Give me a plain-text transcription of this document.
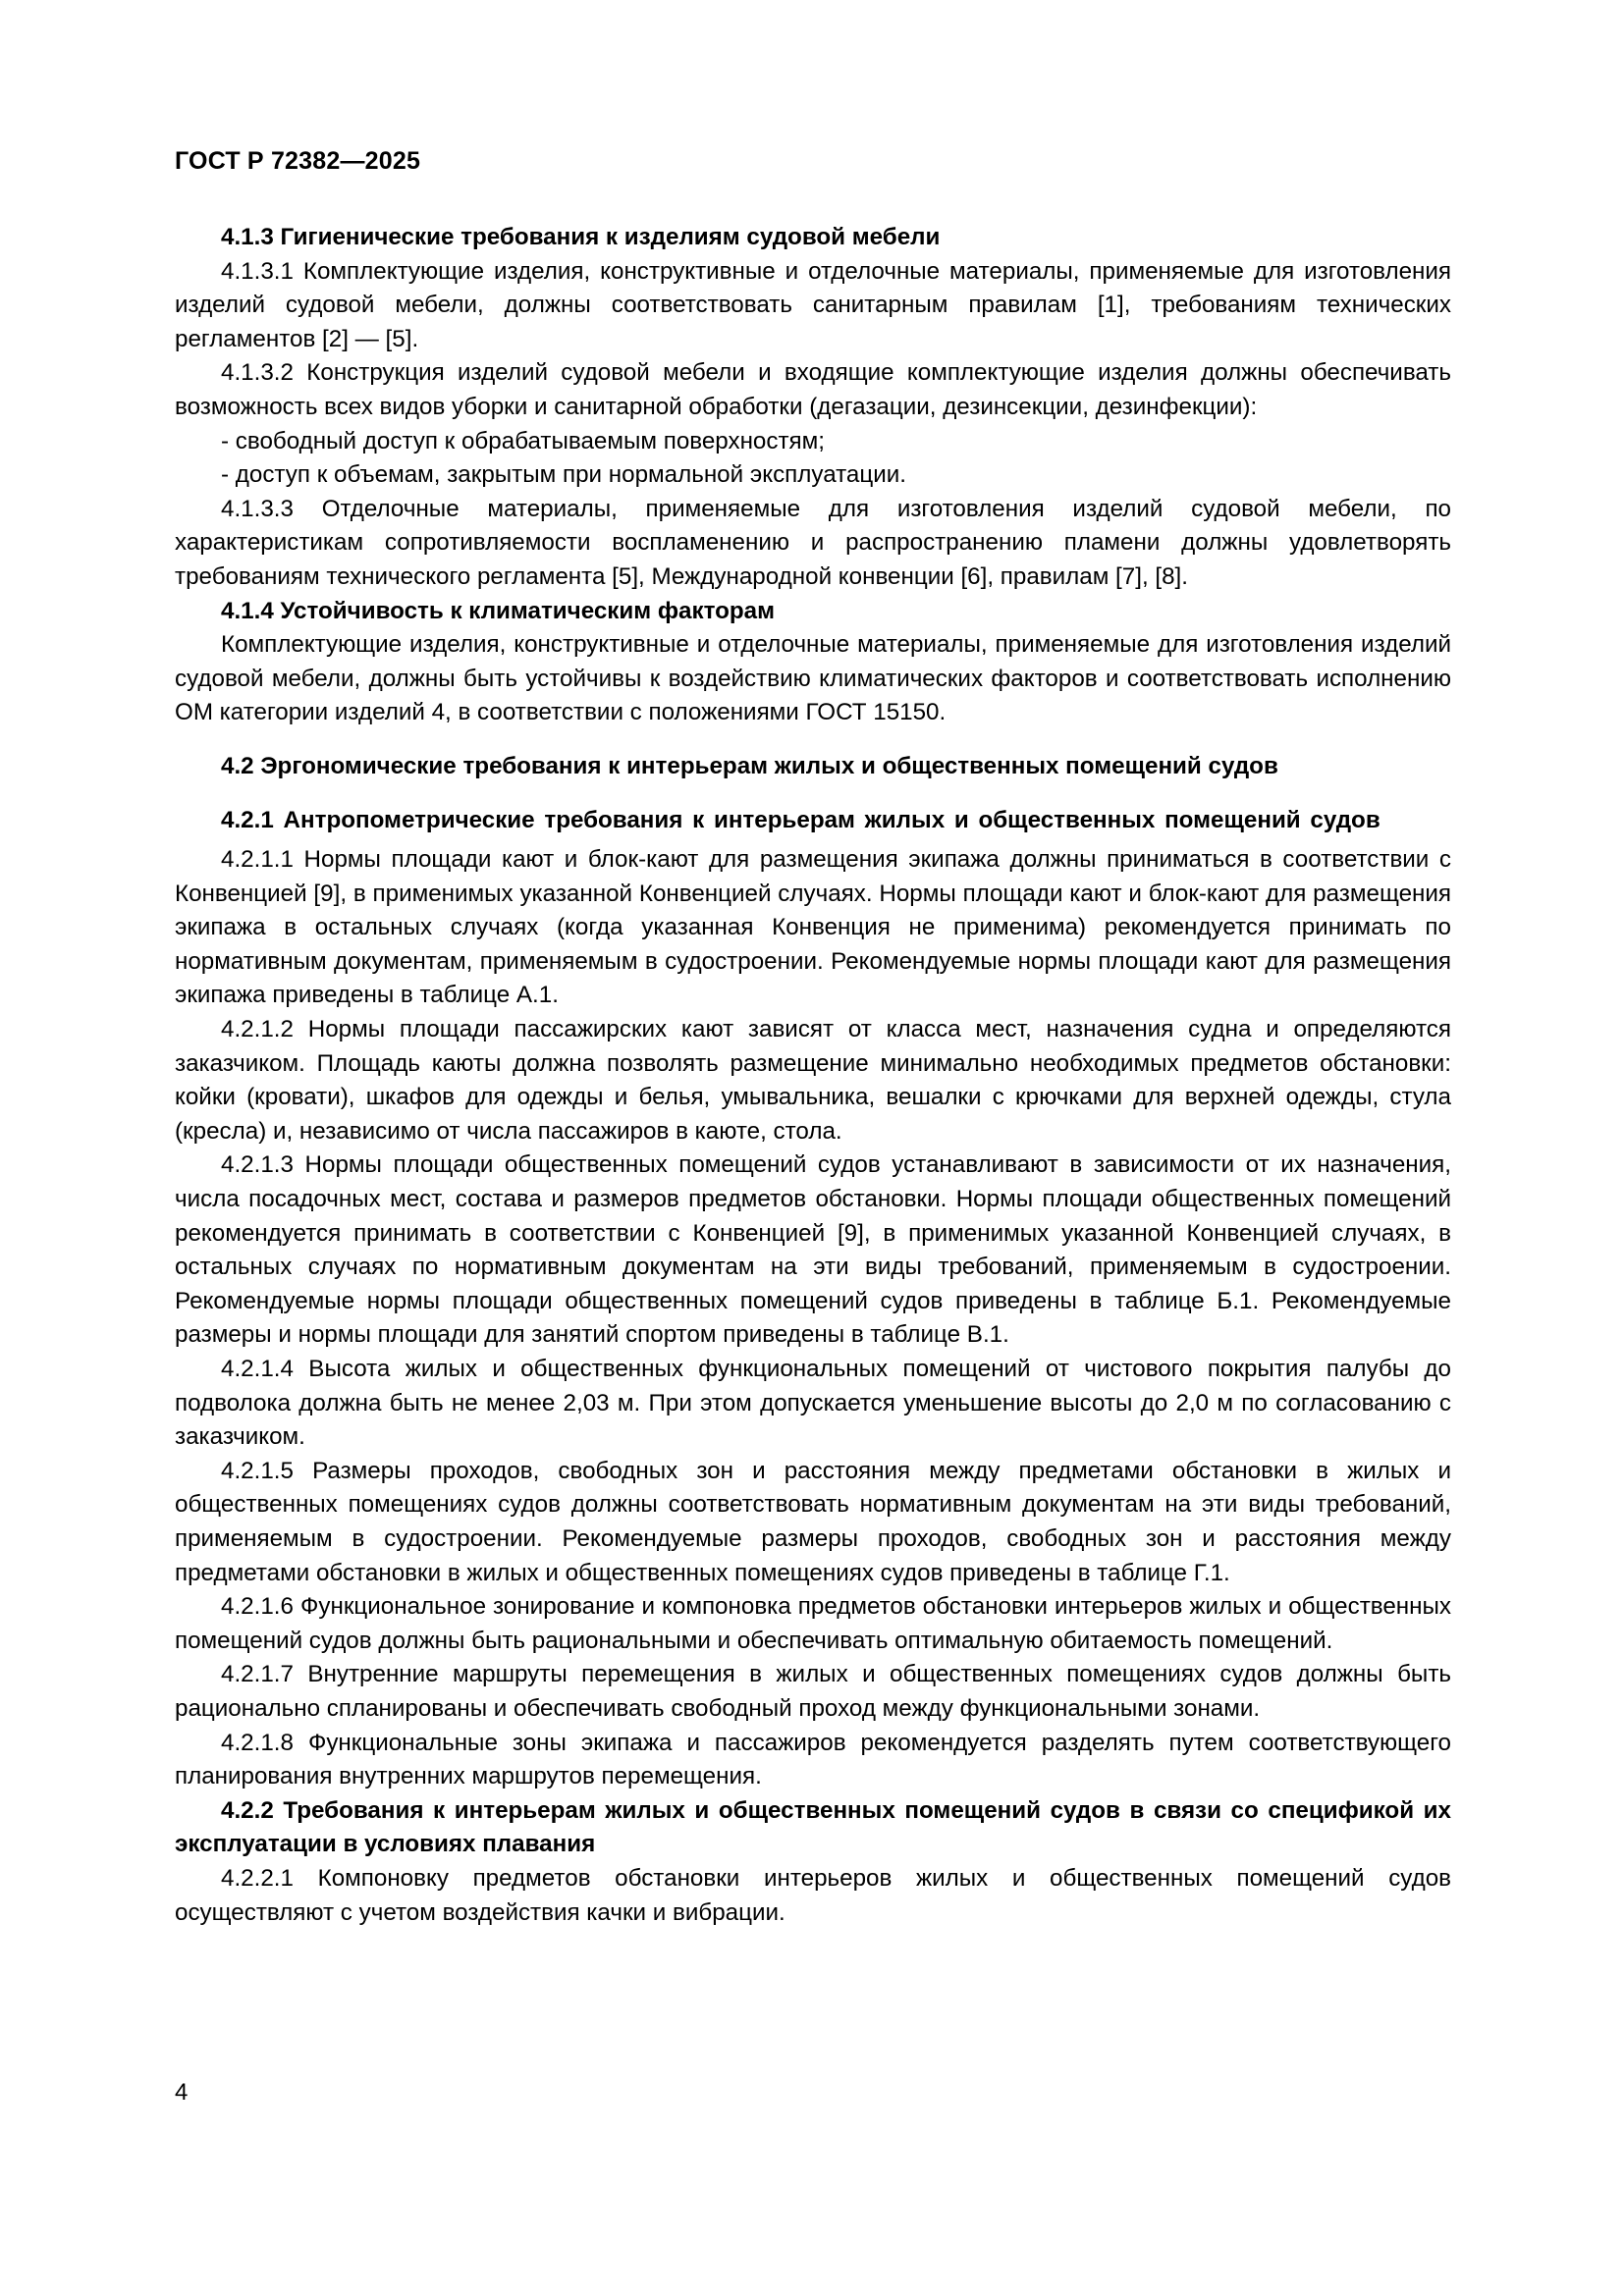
ГОСТ Р 72382—2025

4.1.3 Гигиенические требования к изделиям судовой мебели

4.1.3.1 Комплектующие изделия, конструктивные и отделочные материалы, применяемые для изготовления изделий судовой мебели, должны соответствовать санитарным правилам [1], требованиям технических регламентов [2] — [5].

4.1.3.2 Конструкция изделий судовой мебели и входящие комплектующие изделия должны обеспечивать возможность всех видов уборки и санитарной обработки (дегазации, дезинсекции, дезинфекции):

- свободный доступ к обрабатываемым поверхностям;

- доступ к объемам, закрытым при нормальной эксплуатации.

4.1.3.3 Отделочные материалы, применяемые для изготовления изделий судовой мебели, по характеристикам сопротивляемости воспламенению и распространению пламени должны удовлетворять требованиям технического регламента [5], Международной конвенции [6], правилам [7], [8].

4.1.4 Устойчивость к климатическим факторам

Комплектующие изделия, конструктивные и отделочные материалы, применяемые для изготовления изделий судовой мебели, должны быть устойчивы к воздействию климатических факторов и соответствовать исполнению ОМ категории изделий 4, в соответствии с положениями ГОСТ 15150.

4.2 Эргономические требования к интерьерам жилых и общественных помещений судов

4.2.1 Антропометрические требования к интерьерам жилых и общественных помещений судов

4.2.1.1 Нормы площади кают и блок-кают для размещения экипажа должны приниматься в соответствии с Конвенцией [9], в применимых указанной Конвенцией случаях. Нормы площади кают и блок-кают для размещения экипажа в остальных случаях (когда указанная Конвенция не применима) рекомендуется принимать по нормативным документам, применяемым в судостроении. Рекомендуемые нормы площади кают для размещения экипажа приведены в таблице А.1.

4.2.1.2 Нормы площади пассажирских кают зависят от класса мест, назначения судна и определяются заказчиком. Площадь каюты должна позволять размещение минимально необходимых предметов обстановки: койки (кровати), шкафов для одежды и белья, умывальника, вешалки с крючками для верхней одежды, стула (кресла) и, независимо от числа пассажиров в каюте, стола.

4.2.1.3 Нормы площади общественных помещений судов устанавливают в зависимости от их назначения, числа посадочных мест, состава и размеров предметов обстановки. Нормы площади общественных помещений рекомендуется принимать в соответствии с Конвенцией [9], в применимых указанной Конвенцией случаях, в остальных случаях по нормативным документам на эти виды требований, применяемым в судостроении. Рекомендуемые нормы площади общественных помещений судов приведены в таблице Б.1. Рекомендуемые размеры и нормы площади для занятий спортом приведены в таблице В.1.

4.2.1.4 Высота жилых и общественных функциональных помещений от чистового покрытия палубы до подволока должна быть не менее 2,03 м. При этом допускается уменьшение высоты до 2,0 м по согласованию с заказчиком.

4.2.1.5 Размеры проходов, свободных зон и расстояния между предметами обстановки в жилых и общественных помещениях судов должны соответствовать нормативным документам на эти виды требований, применяемым в судостроении. Рекомендуемые размеры проходов, свободных зон и расстояния между предметами обстановки в жилых и общественных помещениях судов приведены в таблице Г.1.

4.2.1.6 Функциональное зонирование и компоновка предметов обстановки интерьеров жилых и общественных помещений судов должны быть рациональными и обеспечивать оптимальную обитаемость помещений.

4.2.1.7 Внутренние маршруты перемещения в жилых и общественных помещениях судов должны быть рационально спланированы и обеспечивать свободный проход между функциональными зонами.

4.2.1.8 Функциональные зоны экипажа и пассажиров рекомендуется разделять путем соответствующего планирования внутренних маршрутов перемещения.

4.2.2 Требования к интерьерам жилых и общественных помещений судов в связи со спецификой их эксплуатации в условиях плавания

4.2.2.1 Компоновку предметов обстановки интерьеров жилых и общественных помещений судов осуществляют с учетом воздействия качки и вибрации.

4
